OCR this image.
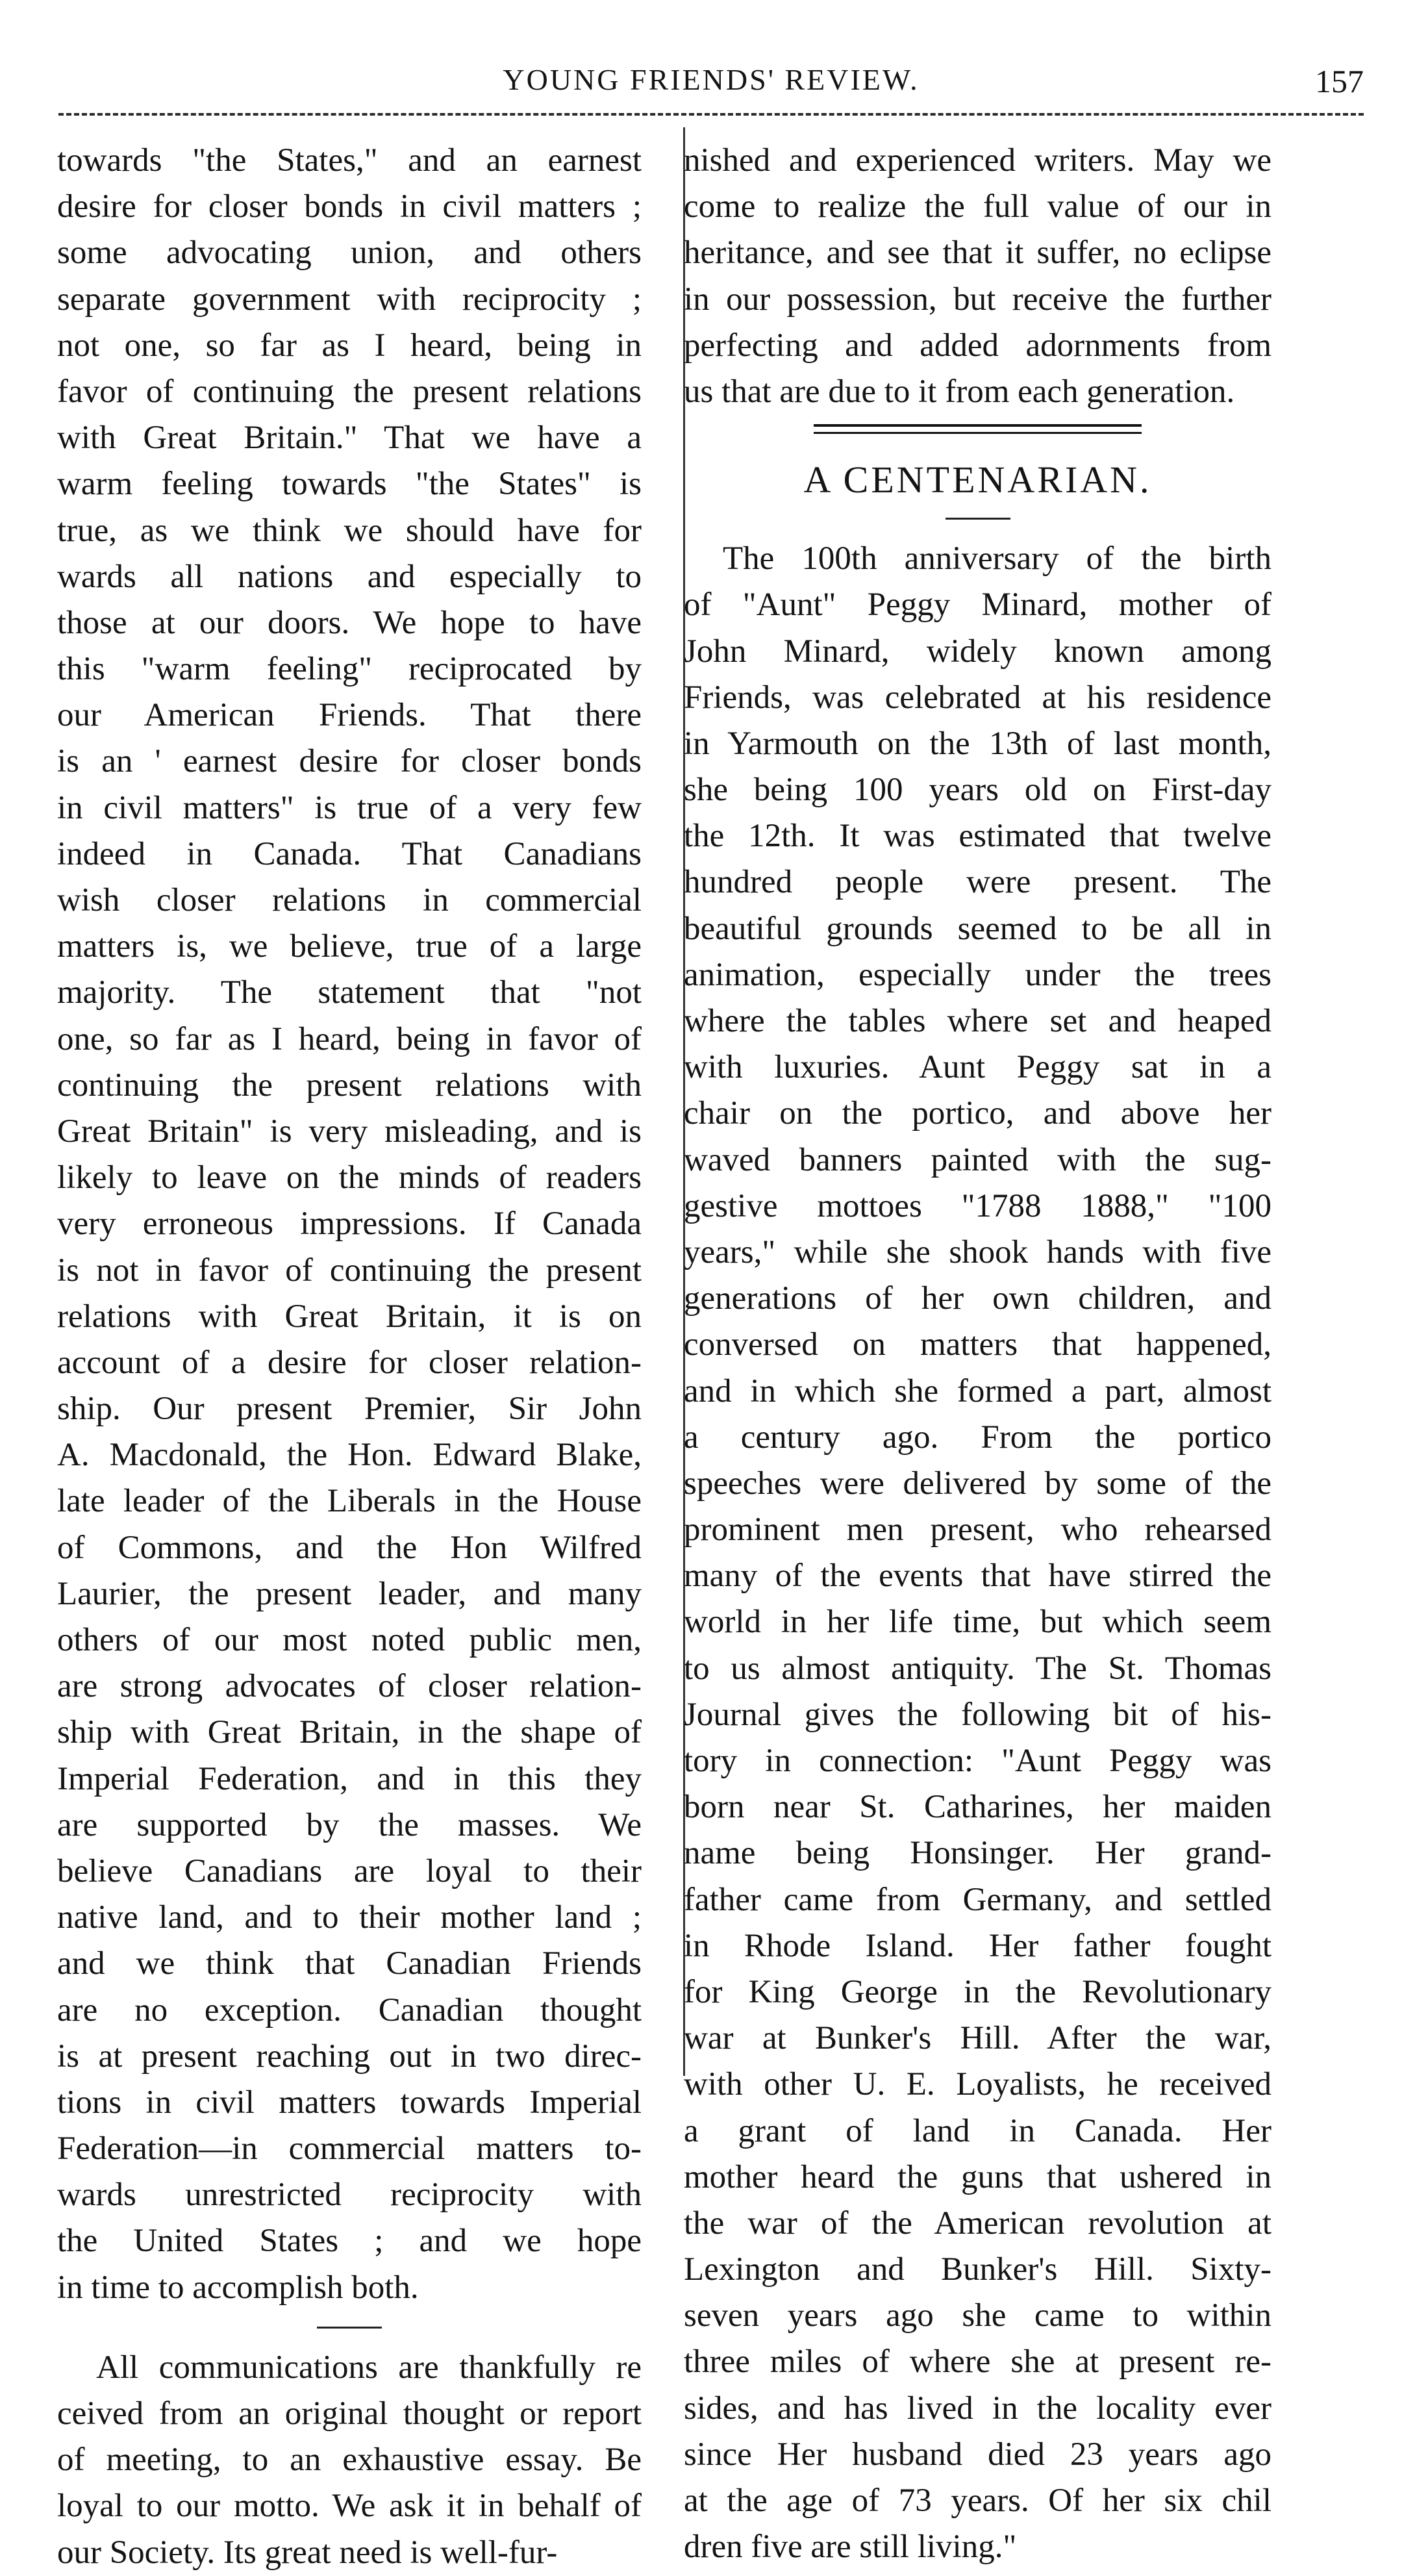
YOUNG FRIENDS' REVIEW.	157
towards "the States," and an earnest
desire for closer bonds in civil matters ;
some advocating union, and others
separate government with reciprocity ;
not one, so far as I heard, being in
favor of continuing the present relations
with Great Britain." That we have a
warm feeling towards "the States" is
true, as we think we should have for
wards all nations and especially to
those at our doors. We hope to have
this "warm feeling" reciprocated by
our American Friends. That there
is an ' earnest desire for closer bonds
in civil matters" is true of a very few
indeed in Canada. That Canadians
wish closer relations in commercial
matters is, we believe, true of a large
majority. The statement that "not
one, so far as I heard, being in favor of
continuing the present relations with
Great Britain" is very misleading, and is
likely to leave on the minds of readers
very erroneous impressions. If Canada
is not in favor of continuing the present
relations with Great Britain, it is on
account of a desire for closer relation-
ship. Our present Premier, Sir John
A. Macdonald, the Hon. Edward Blake,
late leader of the Liberals in the House
of Commons, and the Hon Wilfred
Laurier, the present leader, and many
others of our most noted public men,
are strong advocates of closer relation-
ship with Great Britain, in the shape of
Imperial Federation, and in this they
are supported by the masses. We
believe Canadians are loyal to their
native land, and to their mother land ;
and we think that Canadian Friends
are no exception. Canadian thought
is at present reaching out in two direc-
tions in civil matters towards Imperial
Federation—in commercial matters to-
wards unrestricted reciprocity with
the United States ; and we hope
in time to accomplish both.
All communications are thankfully re
ceived from an original thought or report
of meeting, to an exhaustive essay. Be
loyal to our motto. We ask it in behalf of
our Society. Its great need is well-fur-
nished and experienced writers. May we
come to realize the full value of our in
heritance, and see that it suffer, no eclipse
in our possession, but receive the further
perfecting and added adornments from
us that are due to it from each generation.
A CENTENARIAN.
The 100th anniversary of the birth
of "Aunt" Peggy Minard, mother of
John Minard, widely known among
Friends, was celebrated at his residence
in Yarmouth on the 13th of last month,
she being 100 years old on First-day
the 12th. It was estimated that twelve
hundred people were present. The
beautiful grounds seemed to be all in
animation, especially under the trees
where the tables where set and heaped
with luxuries. Aunt Peggy sat in a
chair on the portico, and above her
waved banners painted with the sug-
gestive mottoes "1788 1888," "100
years," while she shook hands with five
generations of her own children, and
conversed on matters that happened,
and in which she formed a part, almost
a century ago. From the portico
speeches were delivered by some of the
prominent men present, who rehearsed
many of the events that have stirred the
world in her life time, but which seem
to us almost antiquity. The St. Thomas
Journal gives the following bit of his-
tory in connection: "Aunt Peggy was
born near St. Catharines, her maiden
name being Honsinger. Her grand-
father came from Germany, and settled
in Rhode Island. Her father fought
for King George in the Revolutionary
war at Bunker's Hill. After the war,
with other U. E. Loyalists, he received
a grant of land in Canada. Her
mother heard the guns that ushered in
the war of the American revolution at
Lexington and Bunker's Hill. Sixty-
seven years ago she came to within
three miles of where she at present re-
sides, and has lived in the locality ever
since Her husband died 23 years ago
at the age of 73 years. Of her six chil
dren five are still living."
